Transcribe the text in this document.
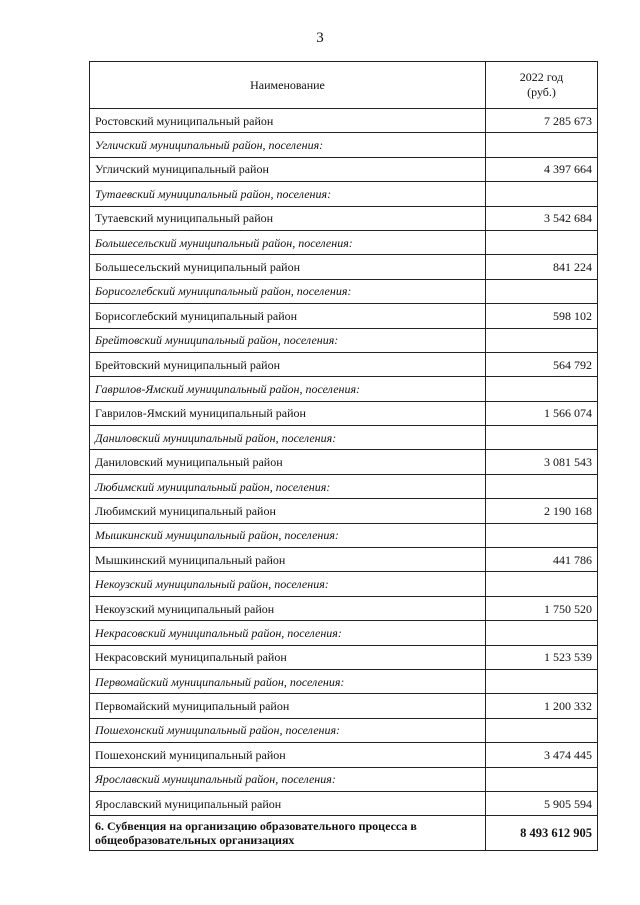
3
Наименование	2022 год
(руб.)
Ростовский муниципальный район	7 285 673
Угличский муниципальный район, поселения:	
Угличский муниципальный район	4 397 664
Тутаевский муниципальный район, поселения:	
Тутаевский муниципальный район	3 542 684
Большесельский муниципальный район, поселения:	
Большесельский муниципальный район	841 224
Борисоглебский муниципальный район, поселения:	
Борисоглебский муниципальный район	598 102
Брейтовский муниципальный район, поселения:	
Брейтовский муниципальный район	564 792
Гаврилов-Ямский муниципальный район, поселения:	
Гаврилов-Ямский муниципальный район	1 566 074
Даниловский муниципальный район, поселения:	
Даниловский муниципальный район	3 081 543
Любимский муниципальный район, поселения:	
Любимский муниципальный район	2 190 168
Мышкинский муниципальный район, поселения:	
Мышкинский муниципальный район	441 786
Некоузский муниципальный район, поселения:	
Некоузский муниципальный район	1 750 520
Некрасовский муниципальный район, поселения:	
Некрасовский муниципальный район	1 523 539
Первомайский муниципальный район, поселения:	
Первомайский муниципальный район	1 200 332
Пошехонский муниципальный район, поселения:	
Пошехонский муниципальный район	3 474 445
Ярославский муниципальный район, поселения:	
Ярославский муниципальный район	5 905 594
6. Субвенция на организацию образовательного процесса в
общеобразовательных организациях	8 493 612 905
